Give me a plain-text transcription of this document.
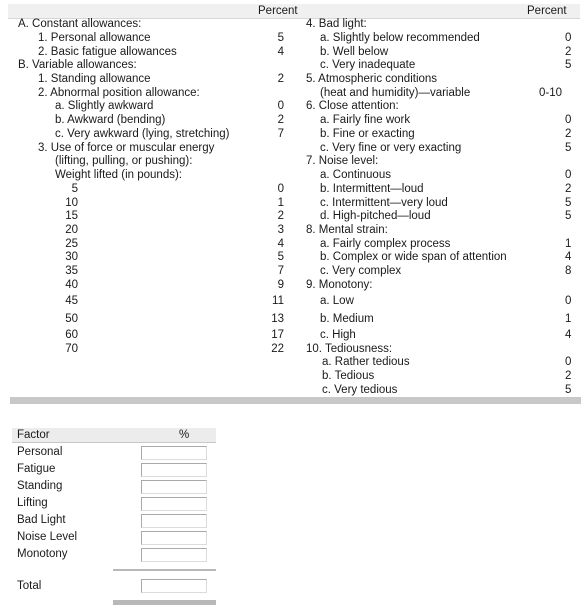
Percent	Percent
A. Constant allowances:
1. Personal allowance	5
2. Basic fatigue allowances	4
B. Variable allowances:
1. Standing allowance	2
2. Abnormal position allowance:
a. Slightly awkward	0
b. Awkward (bending)	2
c. Very awkward (lying, stretching)	7
3. Use of force or muscular energy
(lifting, pulling, or pushing):
Weight lifted (in pounds):
5	0
10	1
15	2
20	3
25	4
30	5
35	7
40	9
45	11
50	13
60	17
70	22
4. Bad light:
a. Slightly below recommended	0
b. Well below	2
c. Very inadequate	5
5. Atmospheric conditions
(heat and humidity)—variable	0-10
6. Close attention:
a. Fairly fine work	0
b. Fine or exacting	2
c. Very fine or very exacting	5
7. Noise level:
a. Continuous	0
b. Intermittent—loud	2
c. Intermittent—very loud	5
d. High-pitched—loud	5
8. Mental strain:
a. Fairly complex process	1
b. Complex or wide span of attention	4
c. Very complex	8
9. Monotony:
a. Low	0
b. Medium	1
c. High	4
10. Tediousness:
a. Rather tedious	0
b. Tedious	2
c. Very tedious	5
Factor	%
Personal
Fatigue
Standing
Lifting
Bad Light
Noise Level
Monotony
Total
